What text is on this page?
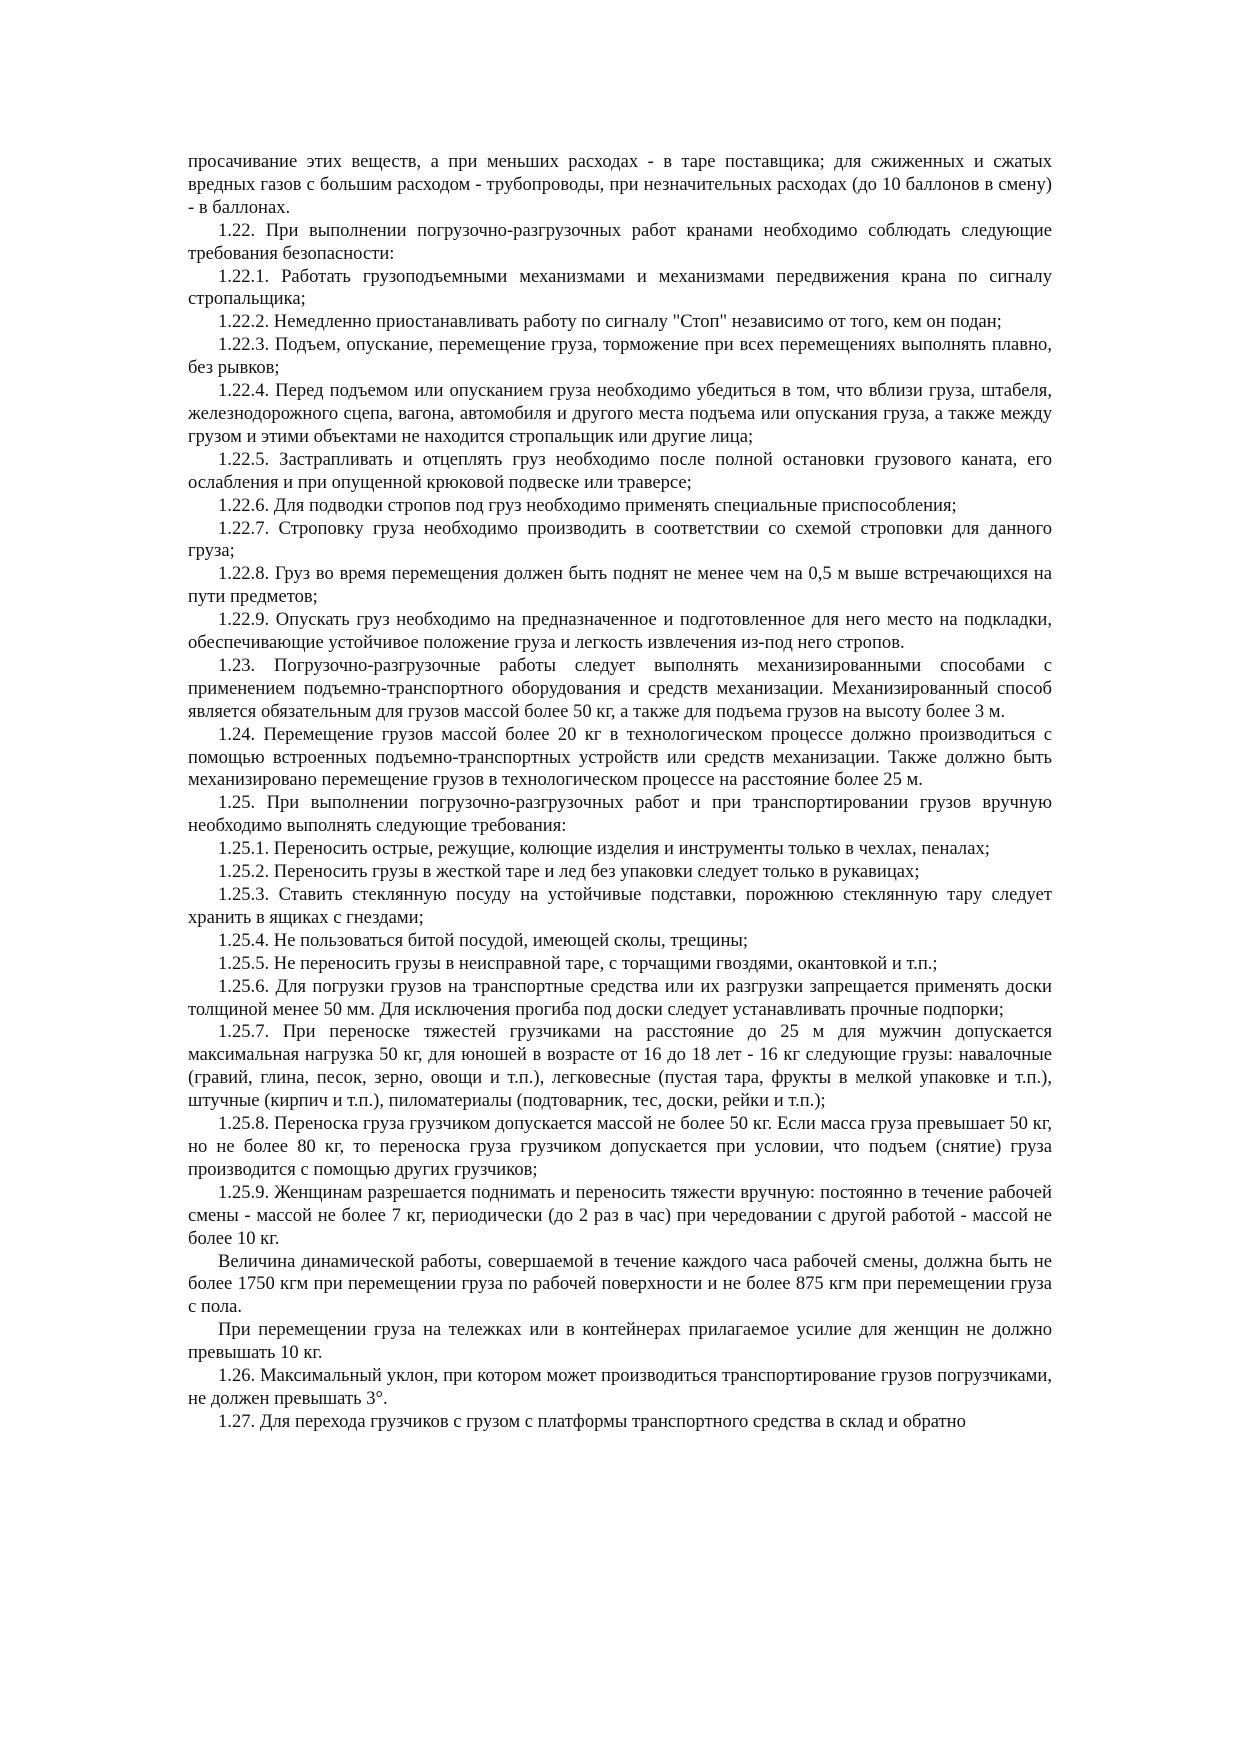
просачивание этих веществ, а при меньших расходах - в таре поставщика; для сжиженных и сжатых вредных газов с большим расходом - трубопроводы, при незначительных расходах (до 10 баллонов в смену) - в баллонах.

1.22. При выполнении погрузочно-разгрузочных работ кранами необходимо соблюдать следующие требования безопасности:

1.22.1. Работать грузоподъемными механизмами и механизмами передвижения крана по сигналу стропальщика;

1.22.2. Немедленно приостанавливать работу по сигналу "Стоп" независимо от того, кем он подан;

1.22.3. Подъем, опускание, перемещение груза, торможение при всех перемещениях выполнять плавно, без рывков;

1.22.4. Перед подъемом или опусканием груза необходимо убедиться в том, что вблизи груза, штабеля, железнодорожного сцепа, вагона, автомобиля и другого места подъема или опускания груза, а также между грузом и этими объектами не находится стропальщик или другие лица;

1.22.5. Застрапливать и отцеплять груз необходимо после полной остановки грузового каната, его ослабления и при опущенной крюковой подвеске или траверсе;

1.22.6. Для подводки стропов под груз необходимо применять специальные приспособления;

1.22.7. Строповку груза необходимо производить в соответствии со схемой строповки для данного груза;

1.22.8. Груз во время перемещения должен быть поднят не менее чем на 0,5 м выше встречающихся на пути предметов;

1.22.9. Опускать груз необходимо на предназначенное и подготовленное для него место на подкладки, обеспечивающие устойчивое положение груза и легкость извлечения из-под него стропов.

1.23. Погрузочно-разгрузочные работы следует выполнять механизированными способами с применением подъемно-транспортного оборудования и средств механизации. Механизированный способ является обязательным для грузов массой более 50 кг, а также для подъема грузов на высоту более 3 м.

1.24. Перемещение грузов массой более 20 кг в технологическом процессе должно производиться с помощью встроенных подъемно-транспортных устройств или средств механизации. Также должно быть механизировано перемещение грузов в технологическом процессе на расстояние более 25 м.

1.25. При выполнении погрузочно-разгрузочных работ и при транспортировании грузов вручную необходимо выполнять следующие требования:

1.25.1. Переносить острые, режущие, колющие изделия и инструменты только в чехлах, пеналах;

1.25.2. Переносить грузы в жесткой таре и лед без упаковки следует только в рукавицах;

1.25.3. Ставить стеклянную посуду на устойчивые подставки, порожнюю стеклянную тару следует хранить в ящиках с гнездами;

1.25.4. Не пользоваться битой посудой, имеющей сколы, трещины;

1.25.5. Не переносить грузы в неисправной таре, с торчащими гвоздями, окантовкой и т.п.;

1.25.6. Для погрузки грузов на транспортные средства или их разгрузки запрещается применять доски толщиной менее 50 мм. Для исключения прогиба под доски следует устанавливать прочные подпорки;

1.25.7. При переноске тяжестей грузчиками на расстояние до 25 м для мужчин допускается максимальная нагрузка 50 кг, для юношей в возрасте от 16 до 18 лет - 16 кг следующие грузы: навалочные (гравий, глина, песок, зерно, овощи и т.п.), легковесные (пустая тара, фрукты в мелкой упаковке и т.п.), штучные (кирпич и т.п.), пиломатериалы (подтоварник, тес, доски, рейки и т.п.);

1.25.8. Переноска груза грузчиком допускается массой не более 50 кг. Если масса груза превышает 50 кг, но не более 80 кг, то переноска груза грузчиком допускается при условии, что подъем (снятие) груза производится с помощью других грузчиков;

1.25.9. Женщинам разрешается поднимать и переносить тяжести вручную: постоянно в течение рабочей смены - массой не более 7 кг, периодически (до 2 раз в час) при чередовании с другой работой - массой не более 10 кг.

Величина динамической работы, совершаемой в течение каждого часа рабочей смены, должна быть не более 1750 кгм при перемещении груза по рабочей поверхности и не более 875 кгм при перемещении груза с пола.

При перемещении груза на тележках или в контейнерах прилагаемое усилие для женщин не должно превышать 10 кг.

1.26. Максимальный уклон, при котором может производиться транспортирование грузов погрузчиками, не должен превышать 3°.

1.27. Для перехода грузчиков с грузом с платформы транспортного средства в склад и обратно
